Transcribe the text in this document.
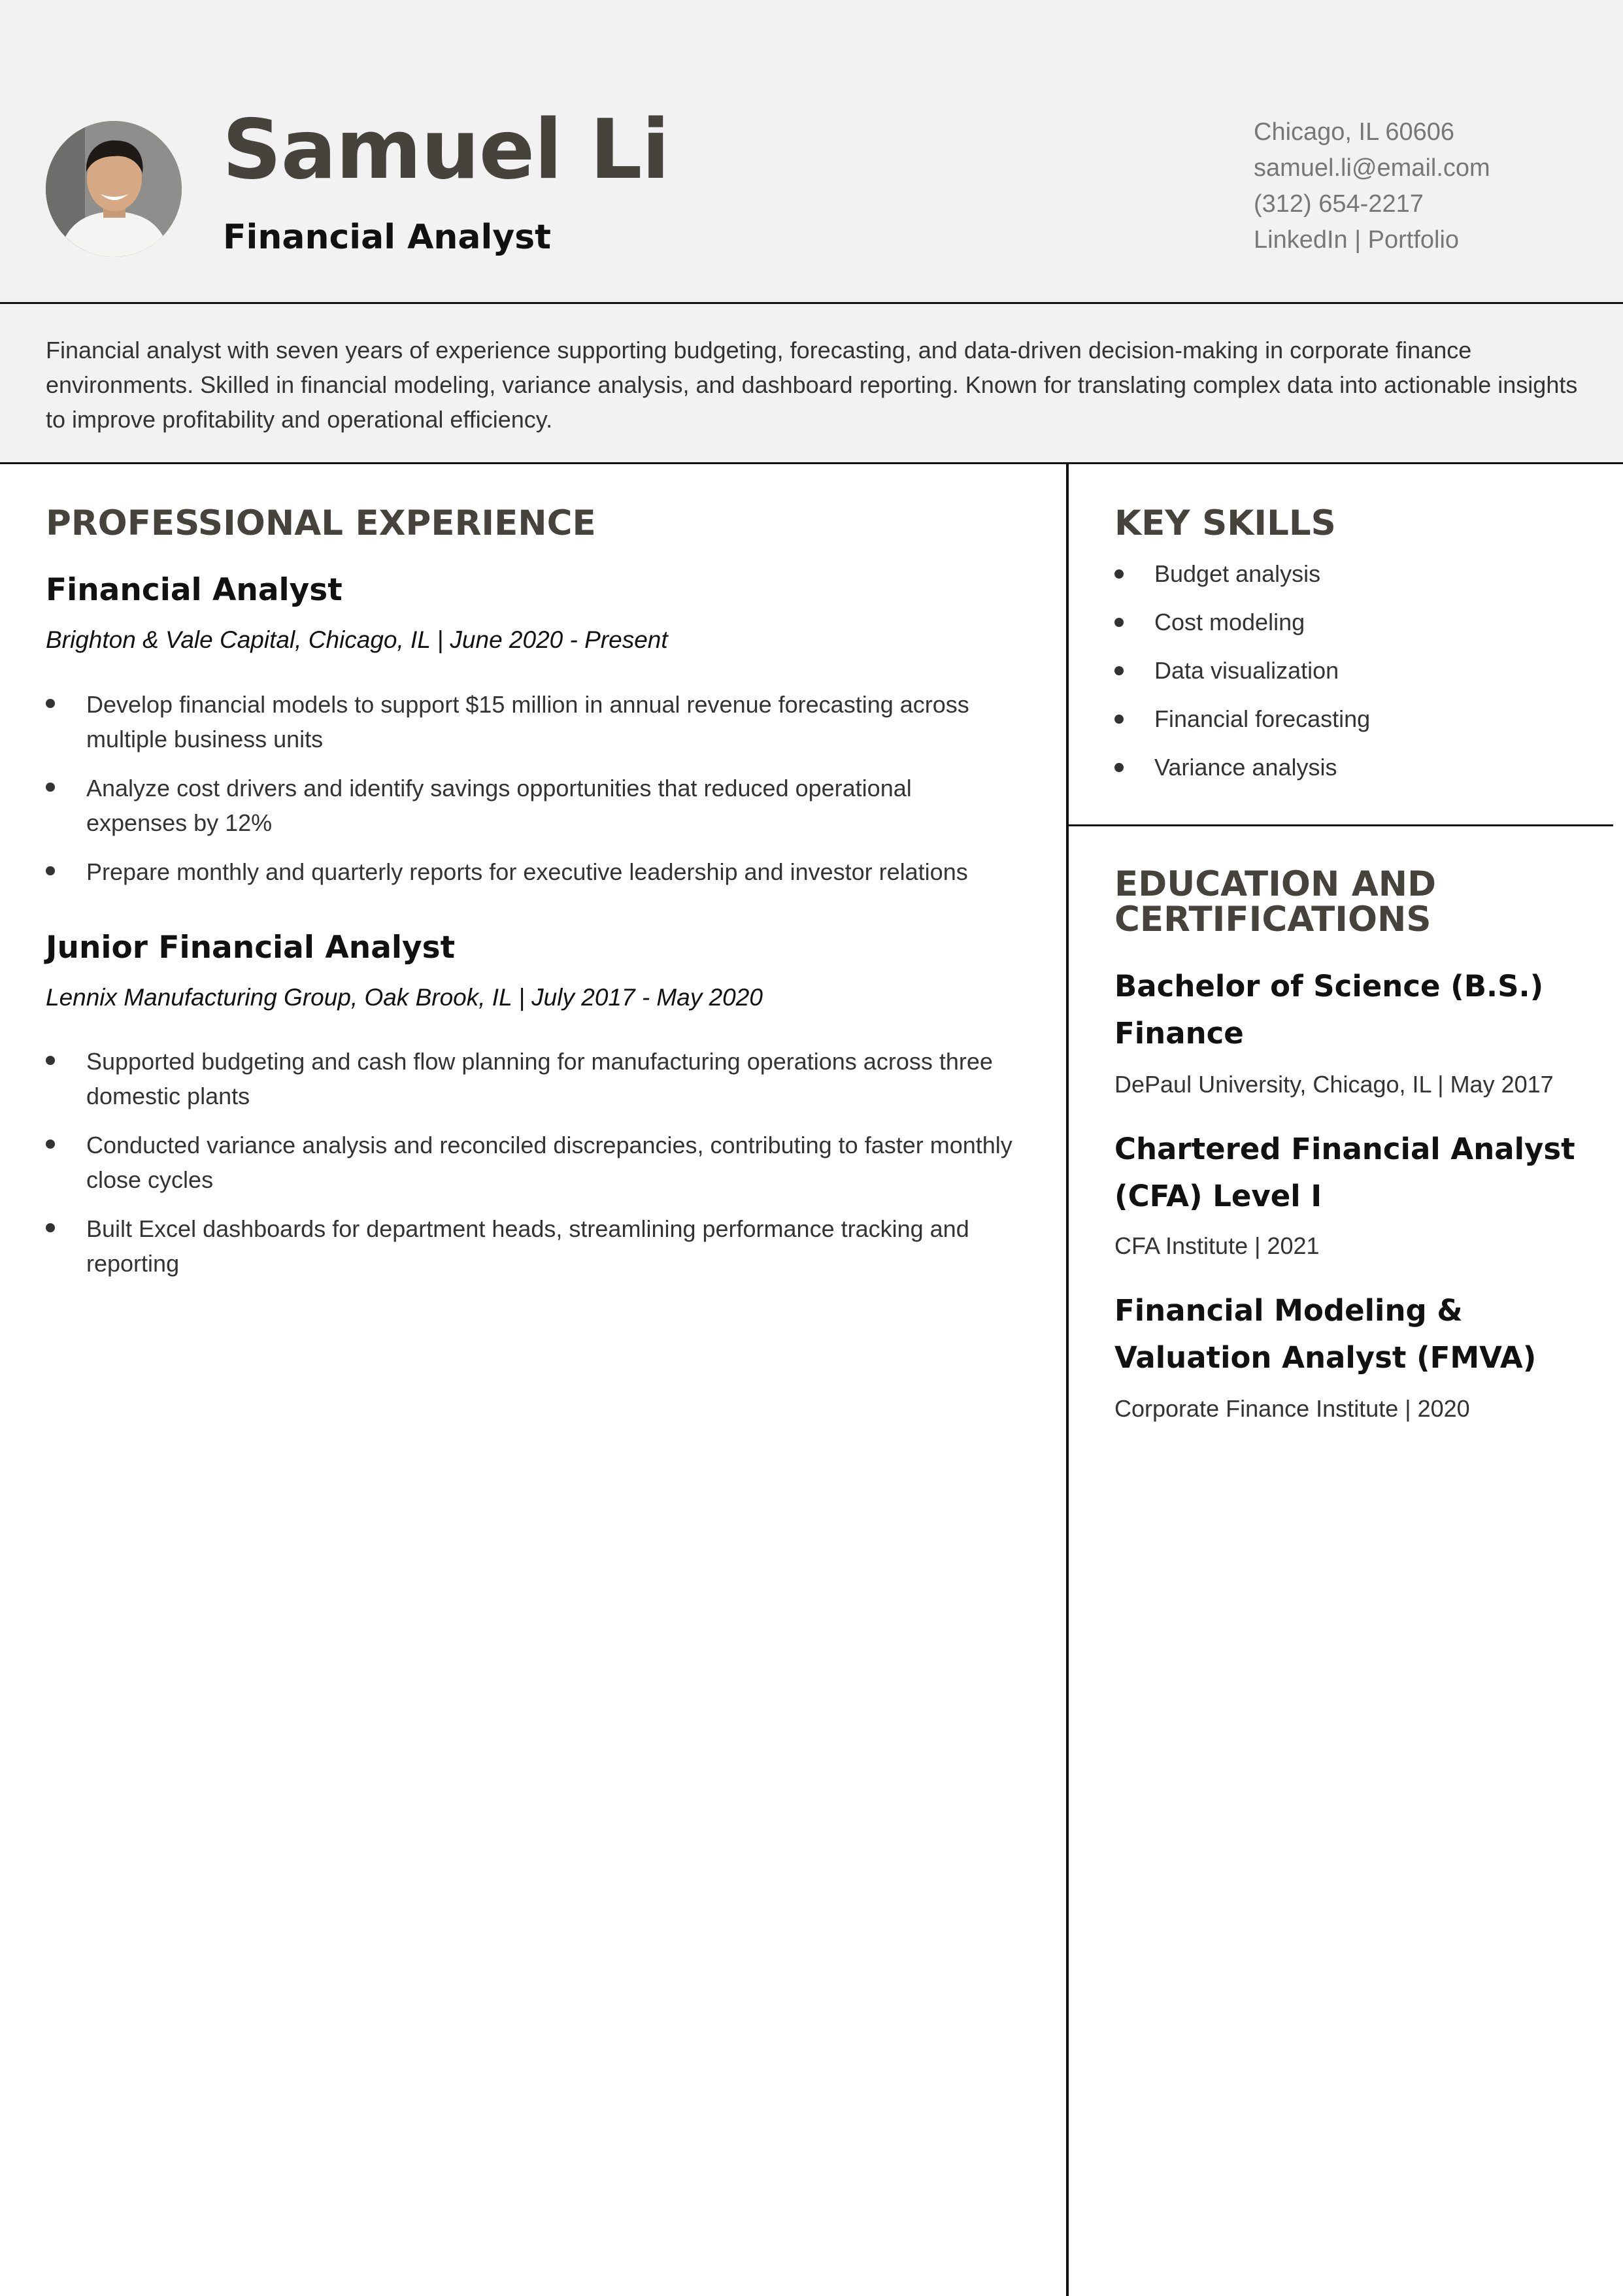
Samuel Li
Financial Analyst
Chicago, IL 60606
samuel.li@email.com
(312) 654-2217
LinkedIn | Portfolio

Financial analyst with seven years of experience supporting budgeting, forecasting, and data-driven decision-making in corporate finance environments. Skilled in financial modeling, variance analysis, and dashboard reporting. Known for translating complex data into actionable insights to improve profitability and operational efficiency.

PROFESSIONAL EXPERIENCE
Financial Analyst
Brighton & Vale Capital, Chicago, IL | June 2020 - Present
Develop financial models to support $15 million in annual revenue forecasting across multiple business units
Analyze cost drivers and identify savings opportunities that reduced operational expenses by 12%
Prepare monthly and quarterly reports for executive leadership and investor relations
Junior Financial Analyst
Lennix Manufacturing Group, Oak Brook, IL | July 2017 - May 2020
Supported budgeting and cash flow planning for manufacturing operations across three domestic plants
Conducted variance analysis and reconciled discrepancies, contributing to faster monthly close cycles
Built Excel dashboards for department heads, streamlining performance tracking and reporting
KEY SKILLS
Budget analysis
Cost modeling
Data visualization
Financial forecasting
Variance analysis
EDUCATION AND
CERTIFICATIONS
Bachelor of Science (B.S.) Finance
DePaul University, Chicago, IL | May 2017
Chartered Financial Analyst (CFA) Level I
CFA Institute | 2021
Financial Modeling & Valuation Analyst (FMVA)
Corporate Finance Institute | 2020
